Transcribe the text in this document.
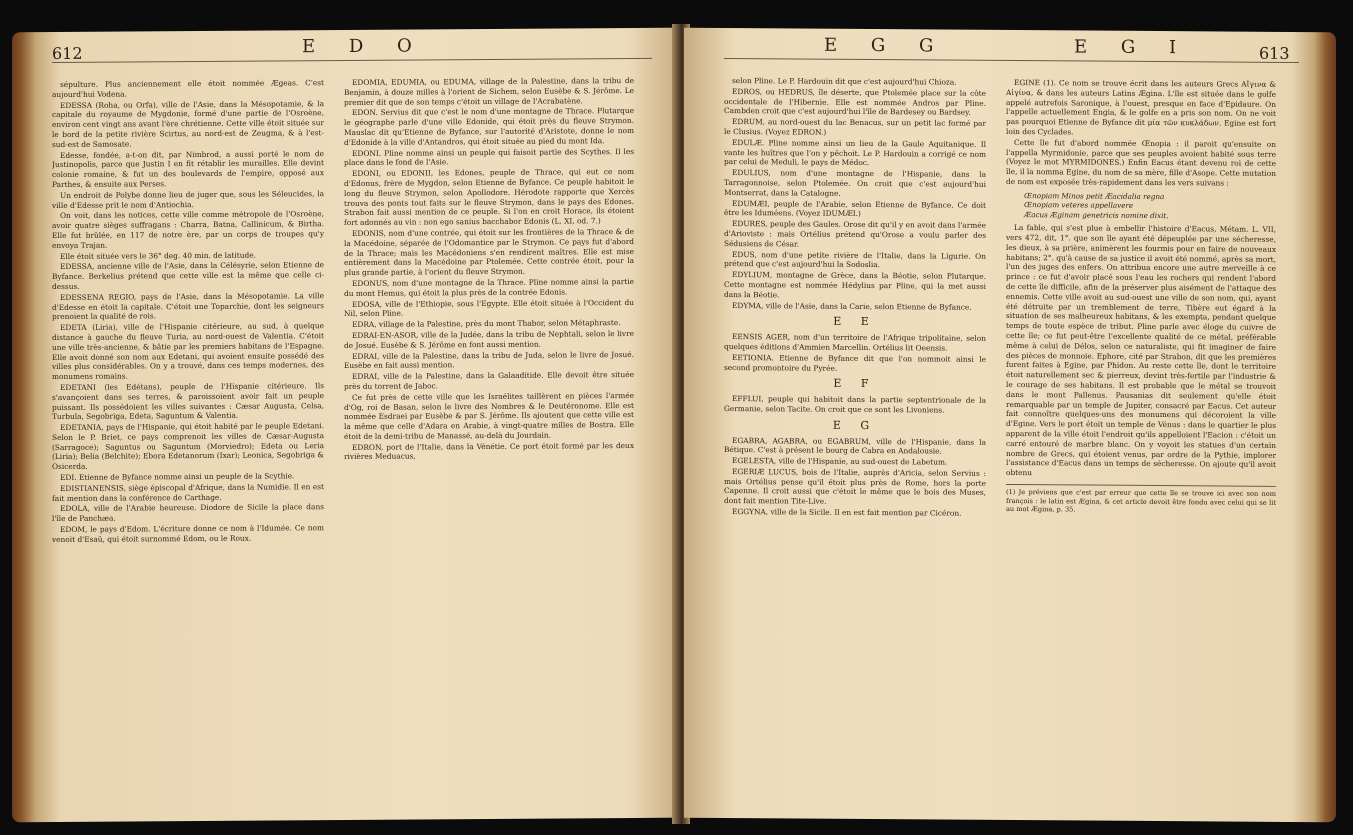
612	E D O

sépulture. Plus anciennement elle étoit nommée Ægeas. C'est aujourd'hui Vodena.

EDESSA (Roha, ou Orfa), ville de l'Asie, dans la Mésopotamie, & la capitale du royaume de Mygdonie, formé d'une partie de l'Osroène, environ cent vingt ans avant l'ère chrétienne. Cette ville étoit située sur le bord de la petite rivière Scirtus, au nord-est de Zeugma, & à l'est-sud-est de Samosate.

Edesse, fondée, a-t-on dit, par Nimbrod, a aussi porté le nom de Justinopolis, parce que Justin I en fit rétablir les murailles. Elle devint colonie romaine, & fut un des boulevards de l'empire, opposé aux Parthes, & ensuite aux Perses.

Un endroit de Polybe donne lieu de juger que, sous les Séleucides, la ville d'Edesse prit le nom d'Antiochia.

On voit, dans les notices, cette ville comme métropole de l'Osroène, avoir quatre sièges suffragans : Charra, Batna, Callinicum, & Birtha. Elle fut brûlée, en 117 de notre ère, par un corps de troupes qu'y envoya Trajan.

Elle étoit située vers le 36° deg. 40 min. de latitude.

EDESSA, ancienne ville de l'Asie, dans la Célésyrie, selon Etienne de Byfance. Berkelius prétend que cette ville est la même que celle ci-dessus.

EDESSENA REGIO, pays de l'Asie, dans la Mésopotamie. La ville d'Edesse en étoit la capitale. C'étoit une Toparchie, dont les seigneurs prenoient la qualité de rois.

EDETA (Liria), ville de l'Hispanie citérieure, au sud, à quelque distance à gauche du fleuve Turia, au nord-ouest de Valentia. C'étoit une ville très-ancienne, & bâtie par les premiers habitans de l'Espagne. Elle avoit donné son nom aux Edetani, qui avoient ensuite possédé des villes plus considérables. On y a trouvé, dans ces temps modernes, des monumens romains.

EDETANI (les Edétans), peuple de l'Hispanie citérieure. Ils s'avançoient dans ses terres, & paroissoient avoir fait un peuple puissant. Ils possédoient les villes suivantes : Cæsar Augusta, Celsa, Turbula, Segobriga, Edeta, Saguntum & Valentia.

EDETANIA, pays de l'Hispanie, qui étoit habité par le peuple Edetani. Selon le P. Briet, ce pays comprenoit les villes de Cæsar-Augusta (Sarragoce); Saguntus ou Saguntum (Morviedro); Edeta ou Leria (Liria); Belia (Belchite); Ebora Edetanorum (Ixar); Leonica, Segobriga & Osicerda.

EDI. Etienne de Byfance nomme ainsi un peuple de la Scythie.

EDISTIANENSIS, siège épiscopal d'Afrique, dans la Numidie. Il en est fait mention dans la conférence de Carthage.

EDOLA, ville de l'Arabie heureuse. Diodore de Sicile la place dans l'île de Panchæa.

EDOM, le pays d'Edom. L'écriture donne ce nom à l'Idumée. Ce nom venoit d'Esaü, qui étoit surnommé Edom, ou le Roux.

EDOMIA, EDUMIA, ou EDUMA, village de la Palestine, dans la tribu de Benjamin, à douze milles à l'orient de Sichem, selon Eusèbe & S. Jérôme. Le premier dit que de son temps c'étoit un village de l'Acrabatène.

EDON. Servius dit que c'est le nom d'une montagne de Thrace. Plutarque le géographe parle d'une ville Edonide, qui étoit près du fleuve Strymon. Mauslac dit qu'Etienne de Byfance, sur l'autorité d'Aristote, donne le nom d'Edonide à la ville d'Antandros, qui étoit située au pied du mont Ida.

EDONI. Pline nomme ainsi un peuple qui faisoit partie des Scythes. Il les place dans le fond de l'Asie.

EDONI, ou EDONII, les Edones, peuple de Thrace, qui eut ce nom d'Edonus, frère de Mygdon, selon Etienne de Byfance. Ce peuple habitoit le long du fleuve Strymon, selon Apollodore. Hérodote rapporte que Xercès trouva des ponts tout faits sur le fleuve Strymon, dans le pays des Edones. Strabon fait aussi mention de ce peuple. Si l'on en croit Horace, ils étoient fort adonnés au vin : non ego sanius bacchabor Edonis (L. XI, od. 7.)

EDONIS, nom d'une contrée, qui étoit sur les frontières de la Thrace & de la Macédoine, séparée de l'Odomantice par le Strymon. Ce pays fut d'abord de la Thrace; mais les Macédoniens s'en rendirent maîtres. Elle est mise entièrement dans la Macédoine par Ptolemée. Cette contrée étoit, pour la plus grande partie, à l'orient du fleuve Strymon.

EDONUS, nom d'une montagne de la Thrace. Pline nomme ainsi la partie du mont Hemus, qui étoit la plus près de la contrée Edonis.

EDOSA, ville de l'Ethiopie, sous l'Egypte. Elle étoit située à l'Occident du Nil, selon Pline.

EDRA, village de la Palestine, près du mont Thabor, selon Métaphraste.

EDRAI-EN-ASOR, ville de la Judée, dans la tribu de Nephtali, selon le livre de Josué. Eusèbe & S. Jérôme en font aussi mention.

EDRAI, ville de la Palestine, dans la tribu de Juda, selon le livre de Josué. Eusèbe en fait aussi mention.

EDRAI, ville de la Palestine, dans la Galaaditide. Elle devoit être située près du torrent de Jaboc.

Ce fut près de cette ville que les Israélites taillèrent en pièces l'armée d'Og, roi de Basan, selon le livre des Nombres & le Deutéronome. Elle est nommée Esdraei par Eusèbe & par S. Jérôme. Ils ajoutent que cette ville est la même que celle d'Adara en Arabie, à vingt-quatre milles de Bostra. Elle étoit de la demi-tribu de Manassé, au-delà du Jourdain.

EDRON, port de l'Italie, dans la Vénétie. Ce port étoit formé par les deux rivières Meduacus,

E G G	E G I	613

selon Pline. Le P. Hardouin dit que c'est aujourd'hui Chioza.

EDROS, ou HEDRUS, île déserte, que Ptolemée place sur la côte occidentale de l'Hibernie. Elle est nommée Andros par Pline. Cambden croit que c'est aujourd'hui l'île de Bardesey ou Bardsey.

EDRUM, au nord-ouest du lac Benacus, sur un petit lac formé par le Clusius. (Voyez EDRON.)

EDULÆ. Pline nomme ainsi un lieu de la Gaule Aquitanique. Il vante les huîtres que l'on y pêchoit. Le P. Hardouin a corrigé ce nom par celui de Meduli, le pays de Médoc.

EDULIUS, nom d'une montagne de l'Hispanie, dans la Tarragonnoise, selon Ptolemée. On croit que c'est aujourd'hui Montserrat, dans la Catalogne.

EDUMÆI, peuple de l'Arabie, selon Etienne de Byfance. Ce doit être les Iduméens. (Voyez IDUMÆI.)

EDURES, peuple des Gaules. Orose dit qu'il y en avoit dans l'armée d'Arioviste : mais Ortélius prétend qu'Orose a voulu parler des Sédusiens de César.

EDUS, nom d'une petite rivière de l'Italie, dans la Ligurie. On prétend que c'est aujourd'hui la Sodoslia.

EDYLIUM, montagne de Grèce, dans la Béotie, selon Plutarque. Cette montagne est nommée Hédylius par Pline, qui la met aussi dans la Béotie.

EDYMA, ville de l'Asie, dans la Carie, selon Etienne de Byfance.

E E

EENSIS AGER, nom d'un territoire de l'Afrique tripolitaine, selon quelques éditions d'Ammien Marcellin. Ortélius lit Oeensis.

EETIONIA. Etienne de Byfance dit que l'on nommoit ainsi le second promontoire du Pyrée.

E F

EFFLUI, peuple qui habitoit dans la partie septentrionale de la Germanie, selon Tacite. On croit que ce sont les Livoniens.

E G

EGABRA, AGABRA, ou EGABRUM, ville de l'Hispanie, dans la Bétique. C'est à présent le bourg de Cabra en Andalousie.

EGELESTA, ville de l'Hispanie, au sud-ouest de Labetum.

EGERIÆ LUCUS, bois de l'Italie, auprès d'Aricia, selon Servius : mais Ortélius pense qu'il étoit plus près de Rome, hors la porte Capenne. Il croit aussi que c'étoit le même que le bois des Muses, dont fait mention Tite-Live.

EGGYNA, ville de la Sicile. Il en est fait mention par Cicéron.

EGINE (1). Ce nom se trouve écrit dans les auteurs Grecs Αἴγινα & Αἰγίνα, & dans les auteurs Latins Ægina. L'île est située dans le golfe appelé autrefois Saronique, à l'ouest, presque en face d'Epidaure. On l'appelle actuellement Engia, & le golfe en a pris son nom. On ne voit pas pourquoi Etienne de Byfance dit μία τῶν κυκλάδων. Egine est fort loin des Cyclades.

Cette île fut d'abord nommée Œnopia : il paroit qu'ensuite on l'appella Myrmidonie, parce que ses peuples avoient habité sous terre (Voyez le mot MYRMIDONES.) Enfin Eacus étant devenu roi de cette île, il la nomma Egine, du nom de sa mère, fille d'Asope. Cette mutation de nom est exposée très-rapidement dans les vers suivans :

Œnopiam Minos petit Æacidalia regna
Œnopiam veteres appellavere
Æacus Æginam genetricis nomine dixit.

La fable, qui s'est plue à embellir l'histoire d'Eacus, Métam. L. VII, vers 472, dit, 1°. que son île ayant été dépeuplée par une sécheresse, les dieux, à sa prière, animèrent les fourmis pour en faire de nouveaux habitans; 2°. qu'à cause de sa justice il avoit été nommé, après sa mort, l'un des juges des enfers. On attribua encore une autre merveille à ce prince : ce fut d'avoir placé sous l'eau les rochers qui rendent l'abord de cette île difficile, afin de la préserver plus aisément de l'attaque des ennemis. Cette ville avoit au sud-ouest une ville de son nom, qui, ayant été détruite par un tremblement de terre, Tibère eut égard à la situation de ses malheureux habitans, & les exempta, pendant quelque temps de toute espèce de tribut. Pline parle avec éloge du cuivre de cette île; ce fut peut-être l'excellente qualité de ce métal, préférable même à celui de Délos, selon ce naturaliste, qui fit imaginer de faire des pièces de monnoie. Ephore, cité par Strabon, dit que les premières furent faites à Egine, par Phidon. Au reste cette île, dont le territoire étoit naturellement sec & pierreux, devint très-fertile par l'industrie & le courage de ses habitans. Il est probable que le métal se trouvoit dans le mont Pallenus. Pausanias dit seulement qu'elle étoit remarquable par un temple de Jupiter, consacré par Eacus. Cet auteur fait connoître quelques-uns des monumens qui décoroient la ville d'Egine. Vers le port étoit un temple de Vénus : dans le quartier le plus apparent de la ville étoit l'endroit qu'ils appelloient l'Eacion : c'étoit un carré entouré de marbre blanc. On y voyoit les statues d'un certain nombre de Grecs, qui étoient venus, par ordre de la Pythie, implorer l'assistance d'Eacus dans un temps de sécheresse. On ajoute qu'il avoit obtenu

(1) Je préviens que c'est par erreur que cette île se trouve ici avec son nom françois : le latin est Ægina, & cet article devoit être fondu avec celui qui se lit au mot Ægina, p. 35.
